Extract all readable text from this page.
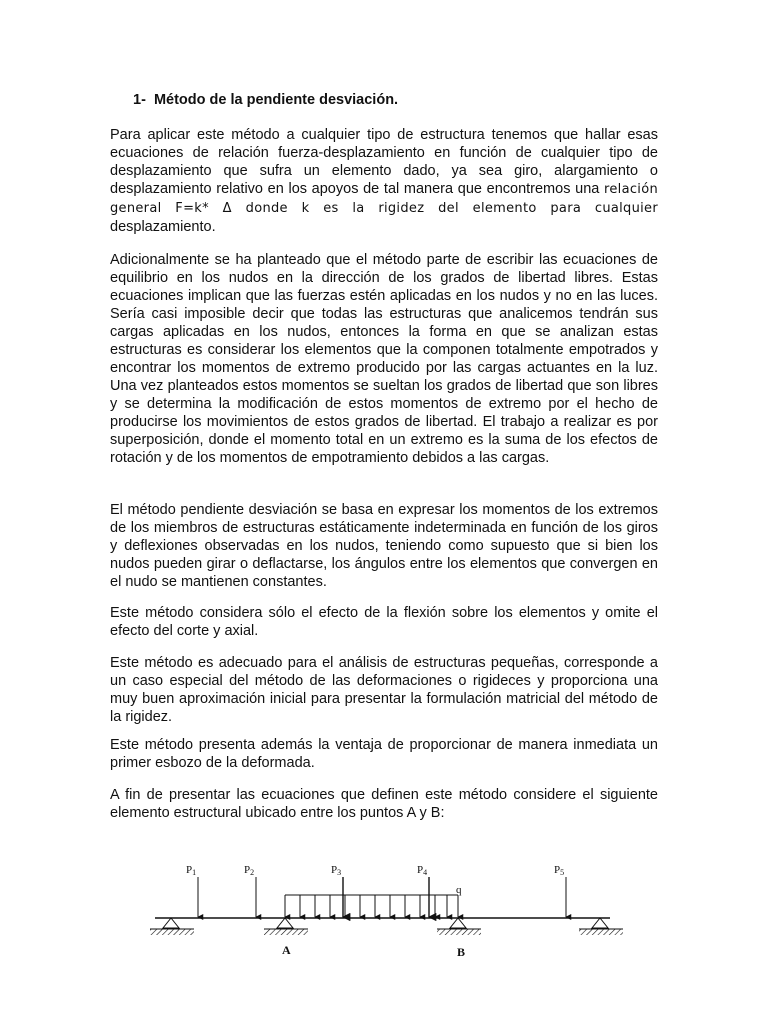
1-  Método de la pendiente desviación.

Para aplicar este método a cualquier tipo de estructura tenemos que hallar esas ecuaciones de relación fuerza-desplazamiento en función de cualquier tipo de desplazamiento que sufra un elemento dado, ya sea giro, alargamiento o desplazamiento relativo en los apoyos de tal manera que encontremos una relación general F=k* Δ donde k es la rigidez del elemento para cualquier desplazamiento.

Adicionalmente se ha planteado que el método parte de escribir las ecuaciones de equilibrio en los nudos en la dirección de los grados de libertad libres. Estas ecuaciones implican que las fuerzas estén aplicadas en los nudos y no en las luces. Sería casi imposible decir que todas las estructuras que analicemos tendrán sus cargas aplicadas en los nudos, entonces la forma en que se analizan estas estructuras es considerar los elementos que la componen totalmente empotrados y encontrar los momentos de extremo producido por las cargas actuantes en la luz. Una vez planteados estos momentos se sueltan los grados de libertad que son libres y se determina la modificación de estos momentos de extremo por el hecho de producirse los movimientos de estos grados de libertad. El trabajo a realizar es por superposición, donde el momento total en un extremo es la suma de los efectos de rotación y de los momentos de empotramiento debidos a las cargas.

El método pendiente desviación se basa en expresar los momentos de los extremos de los miembros de estructuras estáticamente indeterminada en función de los giros y deflexiones observadas en los nudos, teniendo como supuesto que si bien los nudos pueden girar o deflactarse, los ángulos entre los elementos que convergen en el nudo se mantienen constantes.

Este método considera sólo el efecto de la flexión sobre los elementos y omite el efecto del corte y axial.

Este método es adecuado para el análisis de estructuras pequeñas, corresponde a un caso especial del método de las deformaciones o rigideces y proporciona una muy buen aproximación inicial para presentar la formulación matricial del método de la rigidez.

Este método presenta además la ventaja de proporcionar de manera inmediata un primer esbozo de la deformada.

A fin de presentar las ecuaciones que definen este método considere el siguiente elemento estructural ubicado entre los puntos A y B:

q
P1	P2	P3	P4	P5
A	B
